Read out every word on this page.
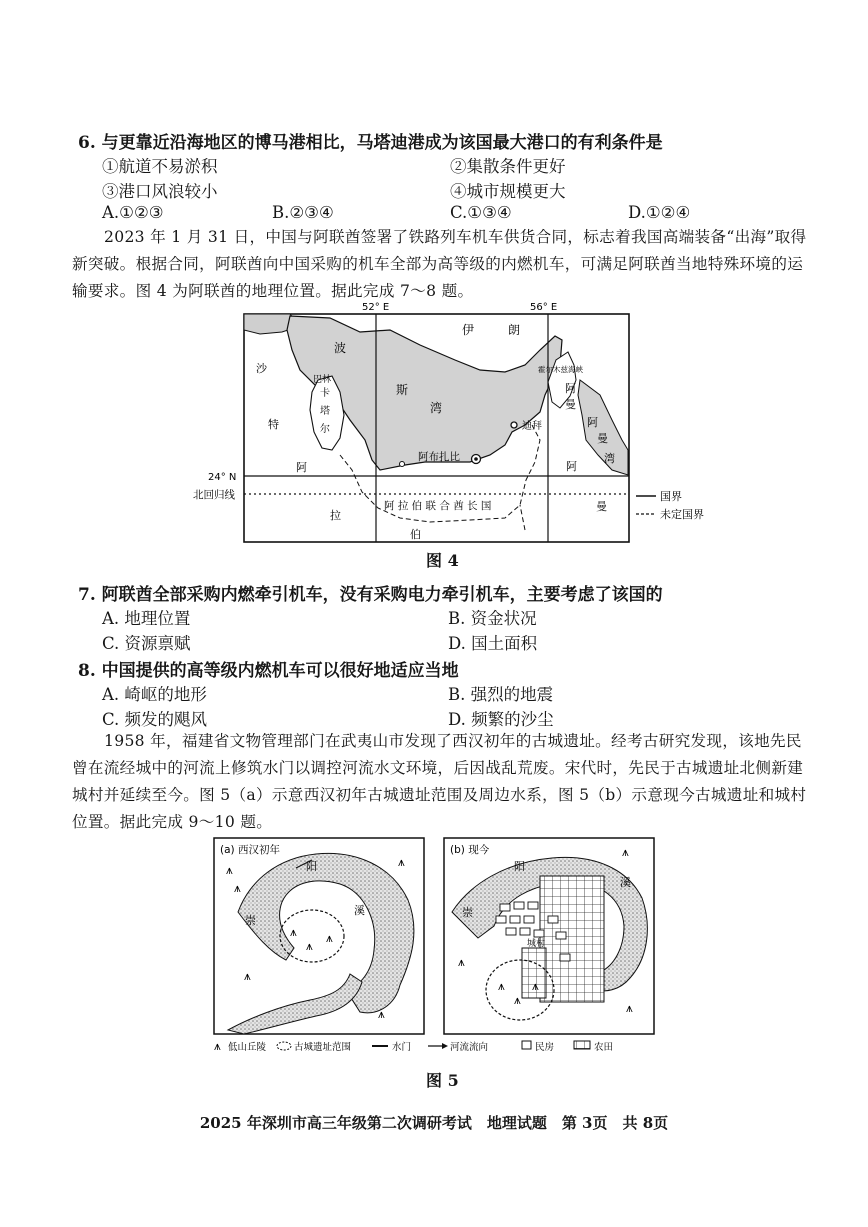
6. 与更靠近沿海地区的博马港相比，马塔迪港成为该国最大港口的有利条件是
①航道不易淤积	②集散条件更好
③港口风浪较小	④城市规模更大
A.①②③	B.②③④	C.①③④	D.①②④
2023 年 1 月 31 日，中国与阿联酋签署了铁路列车机车供货合同，标志着我国高端装备“出海”取得新突破。根据合同，阿联酋向中国采购的机车全部为高等级的内燃机车，可满足阿联酋当地特殊环境的运输要求。图 4 为阿联酋的地理位置。据此完成 7～8 题。
52° E	56° E
伊	朗
波
斯
湾
沙
特
阿
拉
伯
卡
塔
尔
巴林
霍尔木兹海峡
阿
曼
阿
曼
阿
曼
湾
阿 拉 伯 联 合 酋 长 国
阿布扎比
迪拜
24° N
北回归线	国界
未定国界
图 4
7. 阿联酋全部采购内燃牵引机车，没有采购电力牵引机车，主要考虑了该国的
A. 地理位置	B. 资金状况
C. 资源禀赋	D. 国土面积
8. 中国提供的高等级内燃机车可以很好地适应当地
A. 崎岖的地形	B. 强烈的地震
C. 频发的飓风	D. 频繁的沙尘
1958 年，福建省文物管理部门在武夷山市发现了西汉初年的古城遗址。经考古研究发现，该地先民曾在流经城中的河流上修筑水门以调控河流水文环境，后因战乱荒废。宋代时，先民于古城遗址北侧新建城村并延续至今。图 5（a）示意西汉初年古城遗址范围及周边水系，图 5（b）示意现今古城遗址和城村位置。据此完成 9～10 题。
(a) 西汉初年
阳
崇
溪
⩚
⩚
⩚
⩚
⩚
⩚
⩚
⩚
(b) 现今
城村
阳
崇
溪
⩚
⩚
⩚
⩚
⩚
⩚
⩚ 低山丘陵	古城遗址范围	水门	河流流向	民房	农田
图 5
2025 年深圳市高三年级第二次调研考试　地理试题　第 3页　共 8页
